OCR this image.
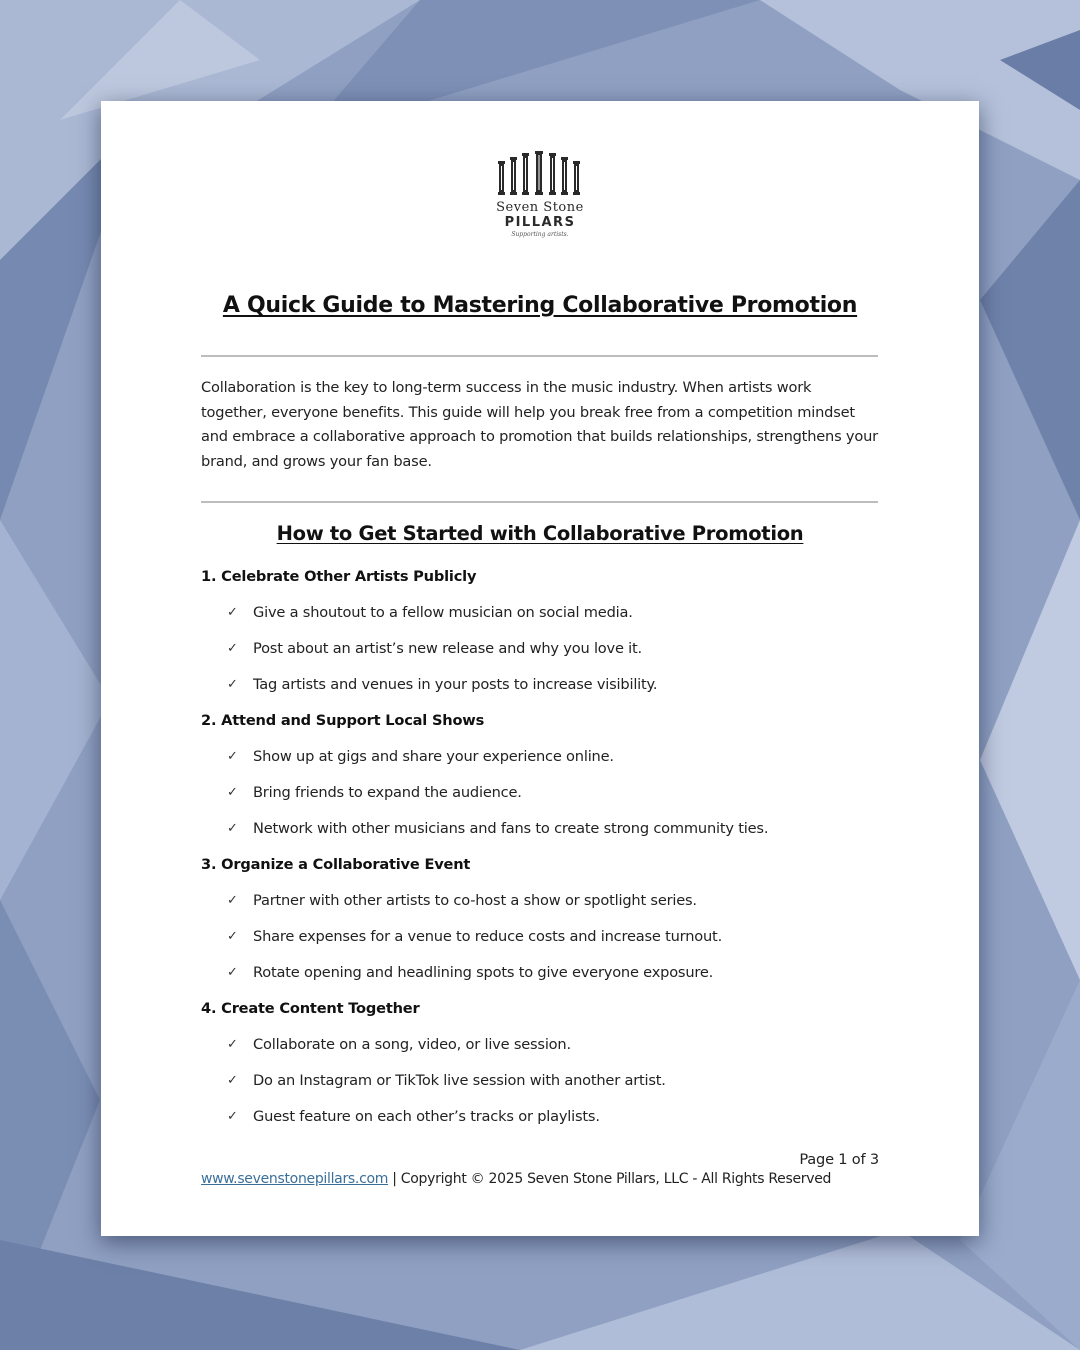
Seven Stone
PILLARS
Supporting artists.
A Quick Guide to Mastering Collaborative Promotion

Collaboration is the key to long-term success in the music industry. When artists work together, everyone benefits. This guide will help you break free from a competition mindset and embrace a collaborative approach to promotion that builds relationships, strengthens your brand, and grows your fan base.

How to Get Started with Collaborative Promotion
1. Celebrate Other Artists Publicly
✓ Give a shoutout to a fellow musician on social media.
✓ Post about an artist’s new release and why you love it.
✓ Tag artists and venues in your posts to increase visibility.
2. Attend and Support Local Shows
✓ Show up at gigs and share your experience online.
✓ Bring friends to expand the audience.
✓ Network with other musicians and fans to create strong community ties.
3. Organize a Collaborative Event
✓ Partner with other artists to co-host a show or spotlight series.
✓ Share expenses for a venue to reduce costs and increase turnout.
✓ Rotate opening and headlining spots to give everyone exposure.
4. Create Content Together
✓ Collaborate on a song, video, or live session.
✓ Do an Instagram or TikTok live session with another artist.
✓ Guest feature on each other’s tracks or playlists.
Page 1 of 3
www.sevenstonepillars.com | Copyright © 2025 Seven Stone Pillars, LLC - All Rights Reserved
